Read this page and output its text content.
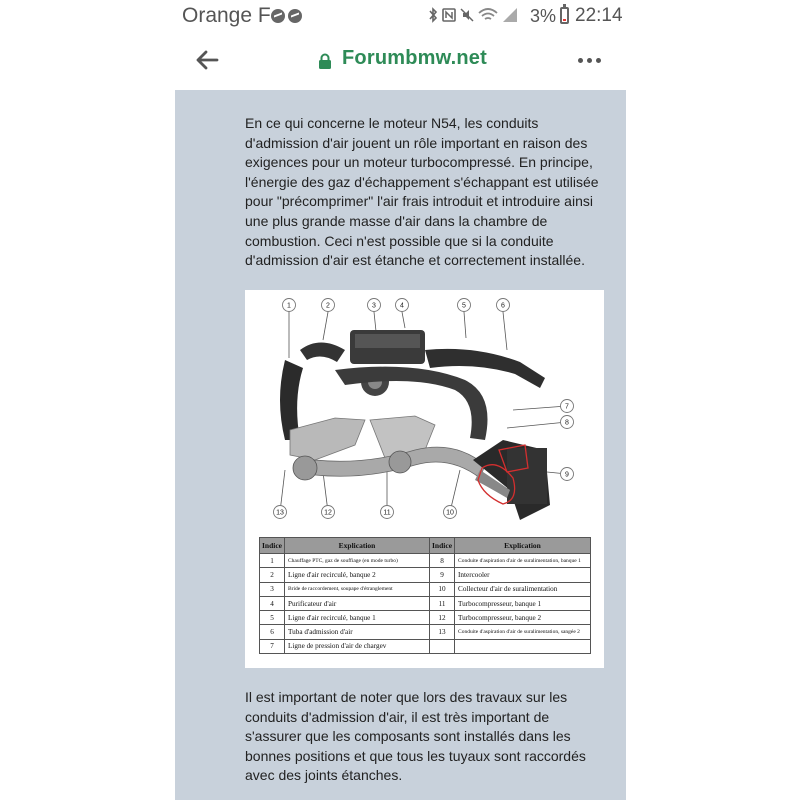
Orange F	3% 22:14
Forumbmw.net
En ce qui concerne le moteur N54, les conduits d'admission d'air jouent un rôle important en raison des exigences pour un moteur turbocompressé. En principe, l'énergie des gaz d'échappement s'échappant est utilisée pour "précomprimer" l'air frais introduit et introduire ainsi une plus grande masse d'air dans la chambre de combustion. Ceci n'est possible que si la conduite d'admission d'air est étanche et correctement installée.
1	2	3	4	5	6
7
8
9
10
11
12
13
Indice	Explication	Indice	Explication
1	Chauffage PTC, gaz de souffiage (en mode turbo)	8	Conduite d'aspiration d'air de suralimentation, banque 1
2	Ligne d'air recirculé, banque 2	9	Intercooler
3	Bride de raccordement, soupape d'étranglement	10	Collecteur d'air de suralimentation
4	Purificateur d'air	11	Turbocompresseur, banque 1
5	Ligne d'air recirculé, banque 1	12	Turbocompresseur, banque 2
6	Tuba d'admission d'air	13	Conduite d'aspiration d'air de suralimentation, sangée 2
7	Ligne de pression d'air de chargev		
Il est important de noter que lors des travaux sur les conduits d'admission d'air, il est très important de s'assurer que les composants sont installés dans les bonnes positions et que tous les tuyaux sont raccordés avec des joints étanches.
